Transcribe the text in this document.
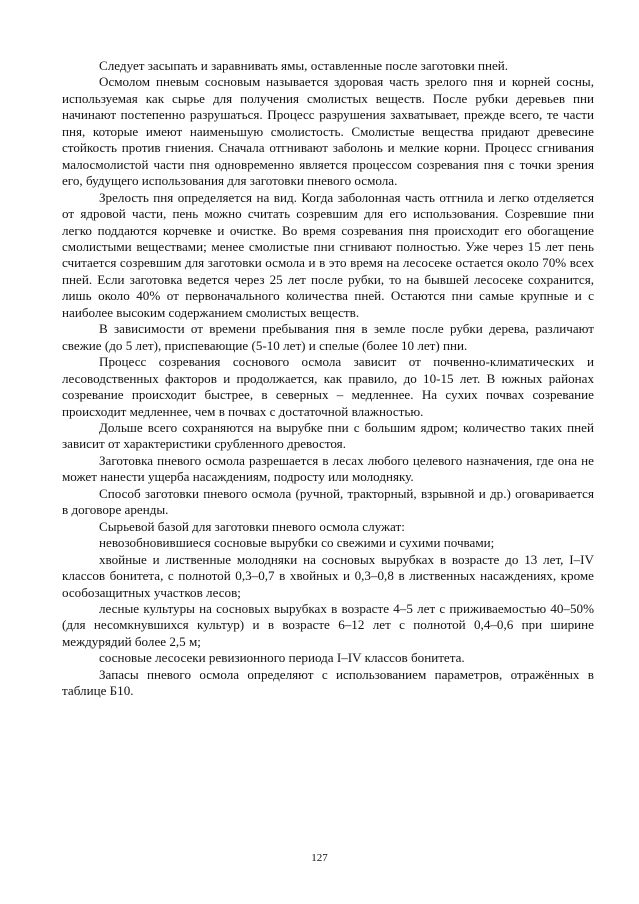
Следует засыпать и заравнивать ямы, оставленные после заготовки пней.

Осмолом пневым сосновым называется здоровая часть зрелого пня и корней сосны, используемая как сырье для получения смолистых веществ. После рубки деревьев пни начинают постепенно разрушаться. Процесс разрушения захватывает, прежде всего, те части пня, которые имеют наименьшую смолистость. Смолистые вещества придают древесине стойкость против гниения. Сначала отгнивают заболонь и мелкие корни. Процесс сгнивания малосмолистой части пня одновременно является процессом созревания пня с точки зрения его, будущего использования для заготовки пневого осмола.

Зрелость пня определяется на вид. Когда заболонная часть отгнила и легко отделяется от ядровой части, пень можно считать созревшим для его использования. Созревшие пни легко поддаются корчевке и очистке. Во время созревания пня происходит его обогащение смолистыми веществами; менее смолистые пни сгнивают полностью. Уже через 15 лет пень считается созревшим для заготовки осмола и в это время на лесосеке остается около 70% всех пней. Если заготовка ведется через 25 лет после рубки, то на бывшей лесосеке сохранится, лишь около 40% от первоначального количества пней. Остаются пни самые крупные и с наиболее высоким содержанием смолистых веществ.

В зависимости от времени пребывания пня в земле после рубки дерева, различают свежие (до 5 лет), приспевающие (5-10 лет) и спелые (более 10 лет) пни.

Процесс созревания соснового осмола зависит от почвенно-климатических и лесоводственных факторов и продолжается, как правило, до 10-15 лет. В южных районах созревание происходит быстрее, в северных – медленнее. На сухих почвах созревание происходит медленнее, чем в почвах с достаточной влажностью.

Дольше всего сохраняются на вырубке пни с большим ядром; количество таких пней зависит от характеристики срубленного древостоя.

Заготовка пневого осмола разрешается в лесах любого целевого назначения, где она не может нанести ущерба насаждениям, подросту или молодняку.

Способ заготовки пневого осмола (ручной, тракторный, взрывной и др.) оговаривается в договоре аренды.

Сырьевой базой для заготовки пневого осмола служат:

невозобновившиеся сосновые вырубки со свежими и сухими почвами;

хвойные и лиственные молодняки на сосновых вырубках в возрасте до 13 лет, I–IV классов бонитета, с полнотой 0,3–0,7 в хвойных и 0,3–0,8 в лиственных насаждениях, кроме особозащитных участков лесов;

лесные культуры на сосновых вырубках в возрасте 4–5 лет с приживаемостью 40–50% (для несомкнувшихся культур) и в возрасте 6–12 лет с полнотой 0,4–0,6 при ширине междурядий более 2,5 м;

сосновые лесосеки ревизионного периода I–IV классов бонитета.

Запасы пневого осмола определяют с использованием параметров, отражённых в таблице Б10.

127
